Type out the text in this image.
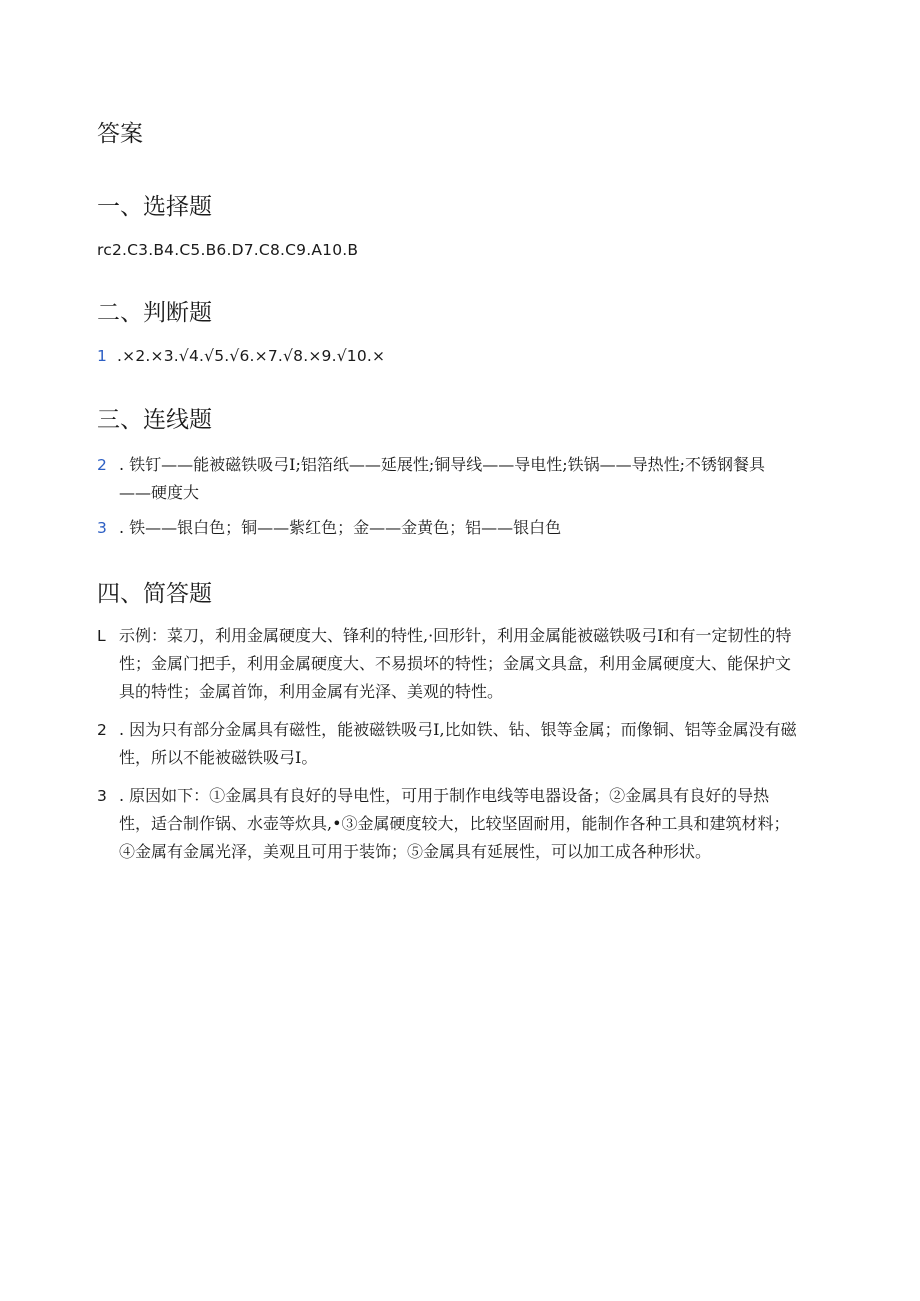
答案
一、选择题
rc2.C3.B4.C5.B6.D7.C8.C9.A10.B
二、判断题
1 .×2.×3.√4.√5.√6.×7.√8.×9.√10.×
三、连线题
2 . 铁钉——能被磁铁吸弓I;铝箔纸——延展性;铜导线——导电性;铁锅——导热性;不锈钢餐具——硬度大
3 . 铁——银白色；铜——紫红色；金——金黄色；铝——银白色
四、简答题
L 示例：菜刀，利用金属硬度大、锋利的特性,·回形针，利用金属能被磁铁吸弓I和有一定韧性的特性；金属门把手，利用金属硬度大、不易损坏的特性；金属文具盒，利用金属硬度大、能保护文具的特性；金属首饰，利用金属有光泽、美观的特性。
2 . 因为只有部分金属具有磁性，能被磁铁吸弓I,比如铁、钻、银等金属；而像铜、铝等金属没有磁性，所以不能被磁铁吸弓I。
3 . 原因如下：①金属具有良好的导电性，可用于制作电线等电器设备；②金属具有良好的导热性，适合制作锅、水壶等炊具,•③金属硬度较大，比较坚固耐用，能制作各种工具和建筑材料；④金属有金属光泽，美观且可用于装饰；⑤金属具有延展性，可以加工成各种形状。
